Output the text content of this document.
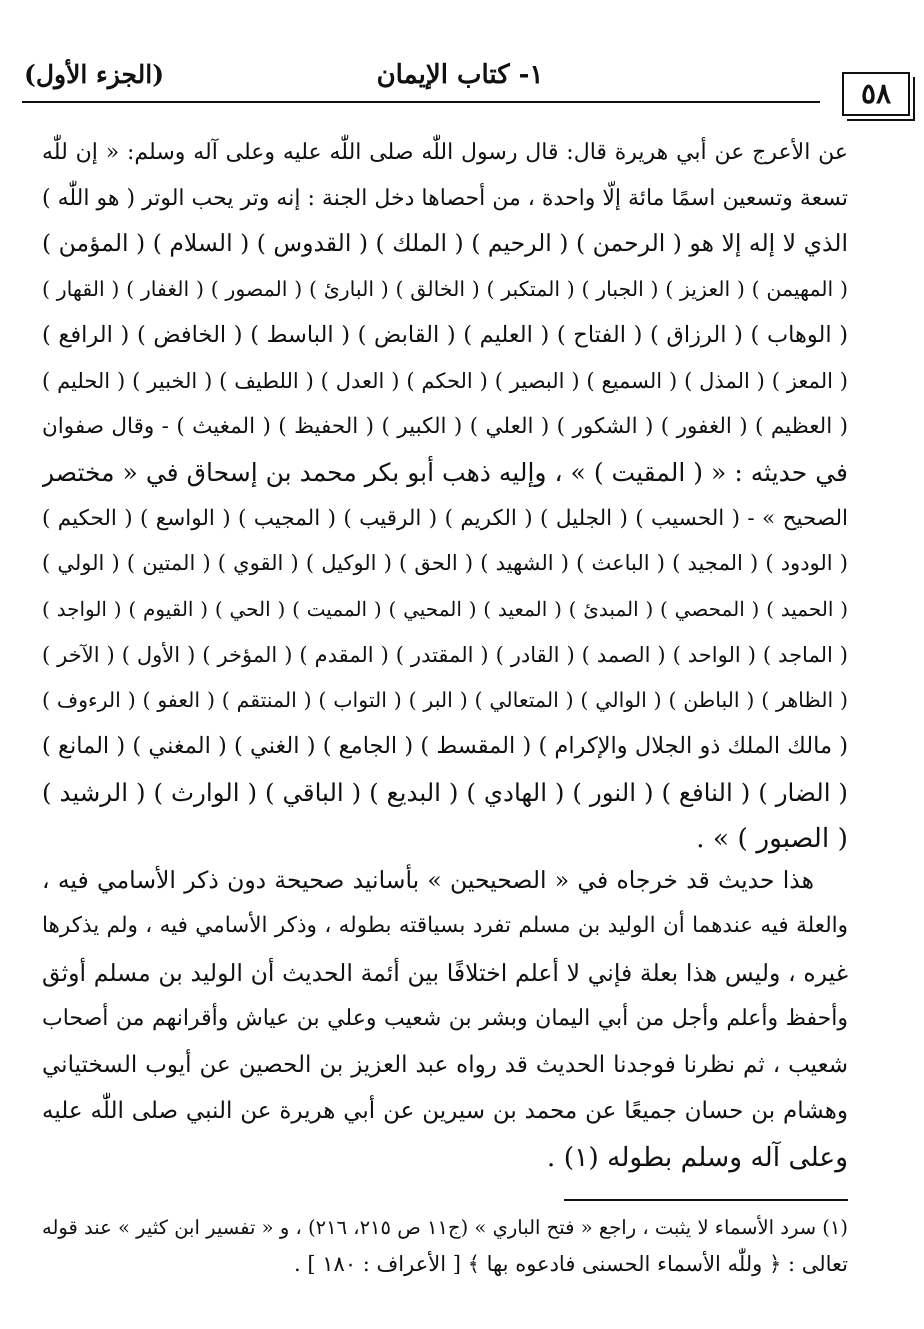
٥٨
١- كتاب الإيمان
(الجزء الأول)
عن الأعرج عن أبي هريرة قال: قال رسول اللّٰه صلى اللّٰه عليه وعلى آله وسلم: « إن للّٰه
تسعة وتسعين اسمًا مائة إلّا واحدة ، من أحصاها دخل الجنة : إنه وتر يحب الوتر ( هو اللّٰه )
الذي لا إله إلا هو ( الرحمن ) ( الرحيم ) ( الملك ) ( القدوس ) ( السلام ) ( المؤمن )
( المهيمن ) ( العزيز ) ( الجبار ) ( المتكبر ) ( الخالق ) ( البارئ ) ( المصور ) ( الغفار ) ( القهار )
( الوهاب ) ( الرزاق ) ( الفتاح ) ( العليم ) ( القابض ) ( الباسط ) ( الخافض ) ( الرافع )
( المعز ) ( المذل ) ( السميع ) ( البصير ) ( الحكم ) ( العدل ) ( اللطيف ) ( الخبير ) ( الحليم )
( العظيم ) ( الغفور ) ( الشكور ) ( العلي ) ( الكبير ) ( الحفيظ ) ( المغيث ) - وقال صفوان
في حديثه : « ( المقيت ) » ، وإليه ذهب أبو بكر محمد بن إسحاق في « مختصر
الصحيح » - ( الحسيب ) ( الجليل ) ( الكريم ) ( الرقيب ) ( المجيب ) ( الواسع ) ( الحكيم )
( الودود ) ( المجيد ) ( الباعث ) ( الشهيد ) ( الحق ) ( الوكيل ) ( القوي ) ( المتين ) ( الولي )
( الحميد ) ( المحصي ) ( المبدئ ) ( المعيد ) ( المحيي ) ( المميت ) ( الحي ) ( القيوم ) ( الواجد )
( الماجد ) ( الواحد ) ( الصمد ) ( القادر ) ( المقتدر ) ( المقدم ) ( المؤخر ) ( الأول ) ( الآخر )
( الظاهر ) ( الباطن ) ( الوالي ) ( المتعالي ) ( البر ) ( التواب ) ( المنتقم ) ( العفو ) ( الرءوف )
( مالك الملك ذو الجلال والإكرام ) ( المقسط ) ( الجامع ) ( الغني ) ( المغني ) ( المانع )
( الضار ) ( النافع ) ( النور ) ( الهادي ) ( البديع ) ( الباقي ) ( الوارث ) ( الرشيد )
( الصبور ) » .
هذا حديث قد خرجاه في « الصحيحين » بأسانيد صحيحة دون ذكر الأسامي فيه ،
والعلة فيه عندهما أن الوليد بن مسلم تفرد بسياقته بطوله ، وذكر الأسامي فيه ، ولم يذكرها
غيره ، وليس هذا بعلة فإني لا أعلم اختلافًا بين أئمة الحديث أن الوليد بن مسلم أوثق
وأحفظ وأعلم وأجل من أبي اليمان وبشر بن شعيب وعلي بن عياش وأقرانهم من أصحاب
شعيب ، ثم نظرنا فوجدنا الحديث قد رواه عبد العزيز بن الحصين عن أيوب السختياني
وهشام بن حسان جميعًا عن محمد بن سيرين عن أبي هريرة عن النبي صلى اللّٰه عليه
وعلى آله وسلم بطوله (١) .
(١) سرد الأسماء لا يثبت ، راجع « فتح الباري » (ج١١ ص ٢١٥، ٢١٦) ، و « تفسير ابن كثير » عند قوله
تعالى : ﴿ وللّٰه الأسماء الحسنى فادعوه بها ﴾ [ الأعراف : ١٨٠ ] .
